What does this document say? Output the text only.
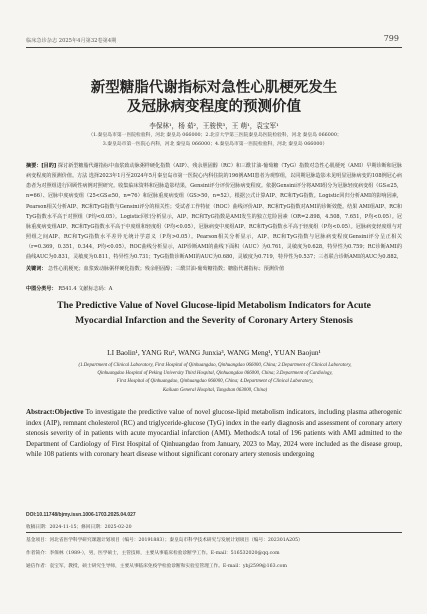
临床急诊杂志 2025年4月第32卷第4期	799
新型糖脂代谢指标对急性心肌梗死发生
及冠脉病变程度的预测价值
李保林¹，杨 茹²，王骏侠³，王 萌¹，袁宝军¹
（1.秦皇岛市第一医院检验科，河北 秦皇岛 066000；2.北京大学第三医院秦皇岛医院检验科，河北 秦皇岛 066000；
3.秦皇岛市第一医院心内科，河北 秦皇岛 066000；4.秦皇岛市第一医院检验科，河北 秦皇岛 066000）
摘要：[目的] 探讨新型糖脂代谢指标中血浆致动脉粥样硬化指数（AIP）、残余胆固醇（RC）和三酰甘油-葡萄糖（TyG）指数对急性心肌梗死（AMI）早期诊断和冠脉病变程度的预测价值。方法 选择2023年1月至2024年5月秦皇岛市第一医院心内科住院的196例AMI患者为观察组，以同期冠脉造影未见明显冠脉病变的108例冠心病患者为对照组进行回顾性病例对照研究。收集临床资料和冠脉造影结果，Gensini评分评价冠脉病变程度。依据Gensini评分将AMI组分为冠脉轻度病变组（GS≤25，n=66）、冠脉中度病变组（25<GS≤50，n=76）和冠脉重度病变组（GS>50，n=52）。根据公式计算AIP、RC和TyG指数。Logistic回归分析AMI的影响因素，Pearson相关分析AIP、RC和TyG指数与Gensini评分的相关性；受试者工作特征（ROC）曲线评价AIP、RC和TyG指数对AMI的诊断效能。结果 AMI组AIP、RC和TyG指数水平高于对照组（P均<0.05）。Logistic回归分析显示，AIP、RC和TyG指数是AMI发生的独立危险因素（OR=2.898，4.508，7.651，P均<0.05）。冠脉重度病变组AIP、RC和TyG指数水平高于中度组和轻度组（P均<0.05），冠脉病变中度组AIP、RC和TyG指数水平高于轻度组（P均<0.05）。冠脉病变轻度组与对照组之间AIP、RC和TyG指数水平差异无统计学意义（P均>0.05）。Pearson相关分析显示，AIP、RC和TyG指数与冠脉病变程度Gensini评分呈正相关（r=0.369，0.351，0.344，P均<0.05）。ROC曲线分析显示，AIP诊断AMI的曲线下面积（AUC）为0.761，灵敏度为0.628，特异性为0.759；RC诊断AMI的曲线AUC为0.831，灵敏度为0.811，特异性为0.731；TyG指数诊断AMI的AUC为0.680，灵敏度为0.719，特异性为0.537；三者联合诊断AMI的AUC为0.882，
关键词： 急性心肌梗死；血浆致动脉粥样硬化指数；残余胆固醇；三酰甘油-葡萄糖指数；糖脂代谢指标；预测价值
中图分类号： R541.4 文献标志码：A
The Predictive Value of Novel Glucose-lipid Metabolism Indicators for Acute
Myocardial Infarction and the Severity of Coronary Artery Stenosis
LI Baolin¹, YANG Ru², WANG Junxia³, WANG Meng¹, YUAN Baojun¹
(1.Department of Clinical Laboratory, First Hospital of Qinhuangdao, Qinhuangdao 066000, China; 2.Department of Clinical Laboratory,
Qinhuangdao Hospital of Peking University Third Hospital, Qinhuangdao 066000, China; 3.Department of Cardiology,
First Hospital of Qinhuangdao, Qinhuangdao 066000, China; 4.Department of Clinical Laboratory,
Kailuan General Hospital, Tangshan 063000, China)
Abstract:Objective To investigate the predictive value of novel glucose-lipid metabolism indicators, including plasma atherogenic index (AIP), remnant cholesterol (RC) and triglyceride-glucose (TyG) index in the early diagnosis and assessment of coronary artery stenosis severity of in patients with acute myocardial infarction (AMI). Methods:A total of 196 patients with AMI admitted to the Department of Cardiology of First Hospital of Qinhuangdao from January, 2023 to May, 2024 were included as the disease group, while 108 patients with coronary heart disease without significant coronary artery stenosis undergoing
DOI:10.11748/bjmy.issn.1006-1703.2025.04.027
收稿日期：2024-11-15；修回日期：2025-02-20
基金项目：河北省医学科学研究课题计划项目（编号：20191883）；秦皇岛市科学技术研究与发展计划项目（编号：202301A205）
作者简介：李保林（1989-），男，医学硕士，主管技师，主要从事临床检验诊断学工作。E-mail：516532020@qq.com
通信作者：袁宝军，教授，硕士研究生导师，主要从事临床免疫学检验诊断和实验室管理工作。E-mail：ybj2599@163.com
